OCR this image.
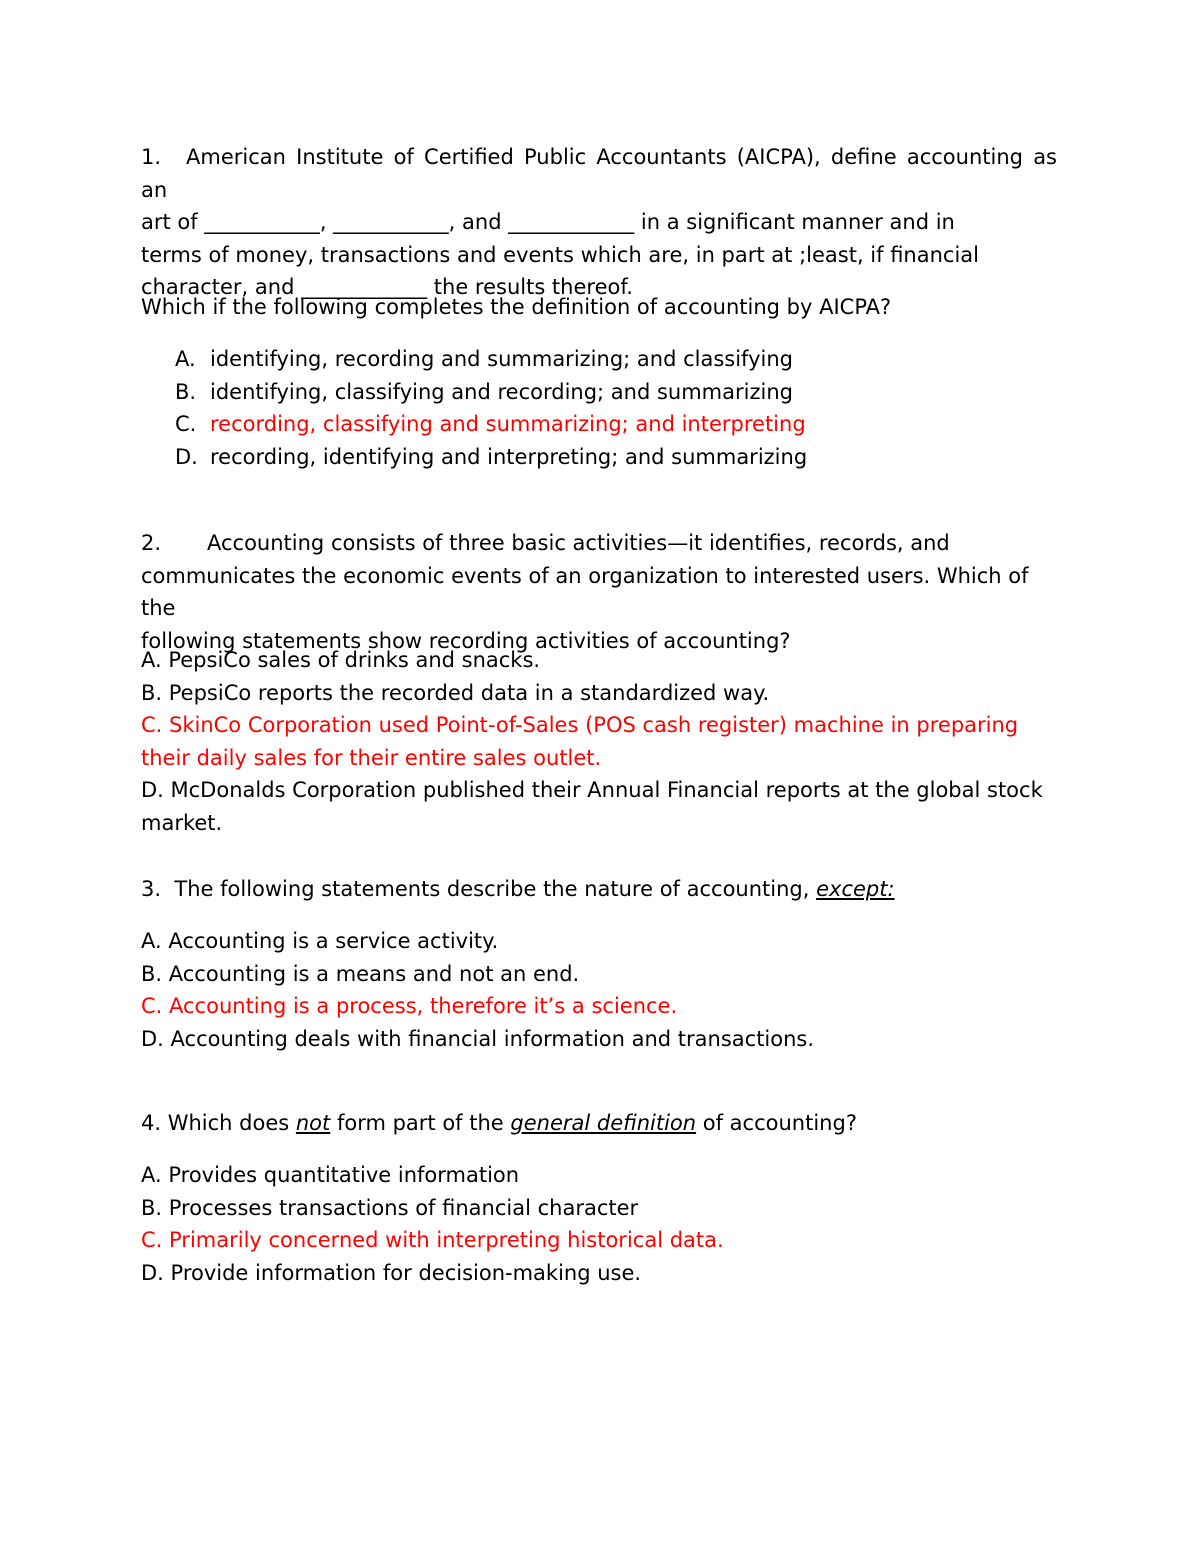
1. American Institute of Certified Public Accountants (AICPA), define accounting as an
art of ___________, ___________, and ____________ in a significant manner and in
terms of money, transactions and events which are, in part at ;least, if financial
character, and ____________ the results thereof.
Which if the following completes the definition of accounting by AICPA?
A. identifying, recording and summarizing; and classifying
B. identifying, classifying and recording; and summarizing
C. recording, classifying and summarizing; and interpreting
D. recording, identifying and interpreting; and summarizing
2. Accounting consists of three basic activities—it identifies, records, and
communicates the economic events of an organization to interested users. Which of the
following statements show recording activities of accounting?
A. PepsiCo sales of drinks and snacks.
B. PepsiCo reports the recorded data in a standardized way.
C. SkinCo Corporation used Point-of-Sales (POS cash register) machine in preparing
their daily sales for their entire sales outlet.
D. McDonalds Corporation published their Annual Financial reports at the global stock
market.
3.  The following statements describe the nature of accounting, except:
A. Accounting is a service activity.
B. Accounting is a means and not an end.
C. Accounting is a process, therefore it’s a science.
D. Accounting deals with financial information and transactions.
4. Which does not form part of the general definition of accounting?
A. Provides quantitative information
B. Processes transactions of financial character
C. Primarily concerned with interpreting historical data.
D. Provide information for decision-making use.
